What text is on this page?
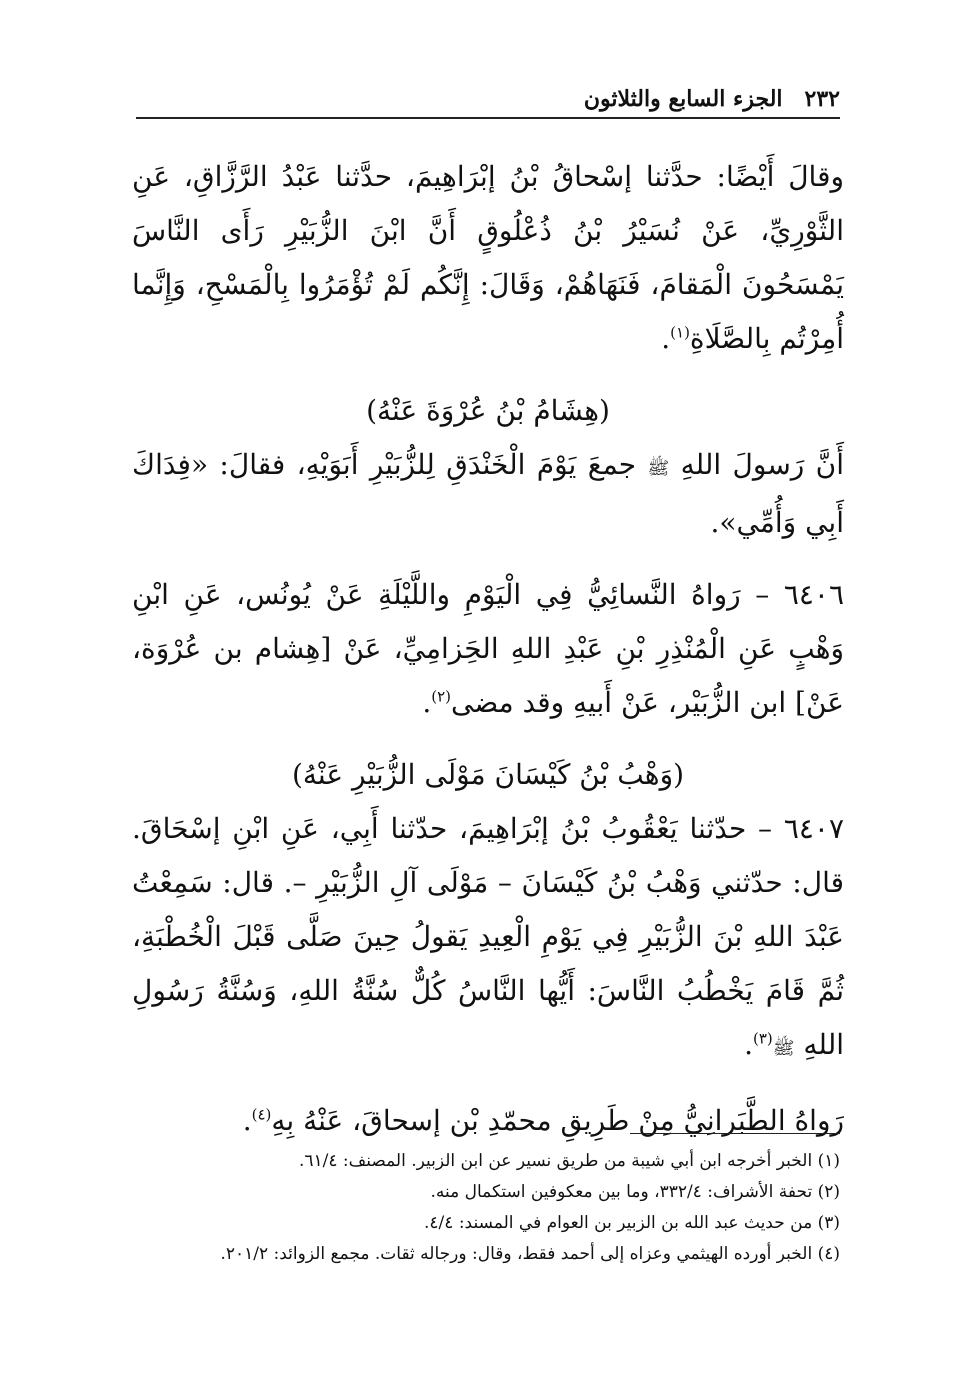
٢٣٢
الجزء السابع والثلاثون

وقالَ أَيْضًا: حدَّثنا إسْحاقُ بْنُ إبْرَاهِيمَ، حدَّثنا عَبْدُ الرَّزَّاقِ، عَنِ الثَّوْرِيِّ، عَنْ نُسَيْرُ بْنُ ذُعْلُوقٍ أَنَّ ابْنَ الزُّبَيْرِ رَأَى النَّاسَ يَمْسَحُونَ الْمَقامَ، فَنَهَاهُمْ، وَقَالَ: إِنَّكُم لَمْ تُؤْمَرُوا بِالْمَسْحِ، وَإِنَّما أُمِرْتُم بِالصَّلَاةِ$^{(١)}$.

(هِشَامُ بْنُ عُرْوَةَ عَنْهُ)

أَنَّ رَسولَ اللهِ ﷺ جمعَ يَوْمَ الْخَنْدَقِ لِلزُّبَيْرِ أَبَوَيْهِ، فقالَ: «فِدَاكَ أَبِي وَأُمِّي».

٦٤٠٦ – رَواهُ النَّسائِيُّ فِي الْيَوْمِ واللَّيْلَةِ عَنْ يُونُس، عَنِ ابْنِ وَهْبٍ عَنِ الْمُنْذِرِ بْنِ عَبْدِ اللهِ الحَِزامِيِّ، عَنْ [هِشام بن عُرْوَة، عَنْ] ابن الزُّبَيْر، عَنْ أَبيهِ وقد مضى$^{(٢)}$.

(وَهْبُ بْنُ كَيْسَانَ مَوْلَى الزُّبَيْرِ عَنْهُ)

٦٤٠٧ – حدّثنا يَعْقُوبُ بْنُ إبْرَاهِيمَ، حدّثنا أَبِي، عَنِ ابْنِ إسْحَاقَ. قال: حدّثني وَهْبُ بْنُ كَيْسَانَ – مَوْلَى آلِ الزُّبَيْرِ –. قال: سَمِعْتُ عَبْدَ اللهِ بْنَ الزُّبَيْرِ فِي يَوْمِ الْعِيدِ يَقولُ حِينَ صَلَّى قَبْلَ الْخُطْبَةِ، ثُمَّ قَامَ يَخْطُبُ النَّاسَ: أَيُّها النَّاسُ كُلٌّ سُنَّةُ اللهِ، وَسُنَّةُ رَسُولِ اللهِ ﷺ$^{(٣)}$.

رَواهُ الطَّبَرانِيُّ مِنْ طَرِيقِ محمّدِ بْن إسحاقَ، عَنْهُ بِهِ$^{(٤)}$.

(١) الخبر أخرجه ابن أبي شيبة من طريق نسير عن ابن الزبير. المصنف: ٦١/٤.

(٢) تحفة الأشراف: ٣٣٢/٤، وما بين معكوفين استكمال منه.

(٣) من حديث عبد الله بن الزبير بن العوام في المسند: ٤/٤.

(٤) الخبر أورده الهيثمي وعزاه إلى أحمد فقط، وقال: ورجاله ثقات. مجمع الزوائد: ٢٠١/٢.
